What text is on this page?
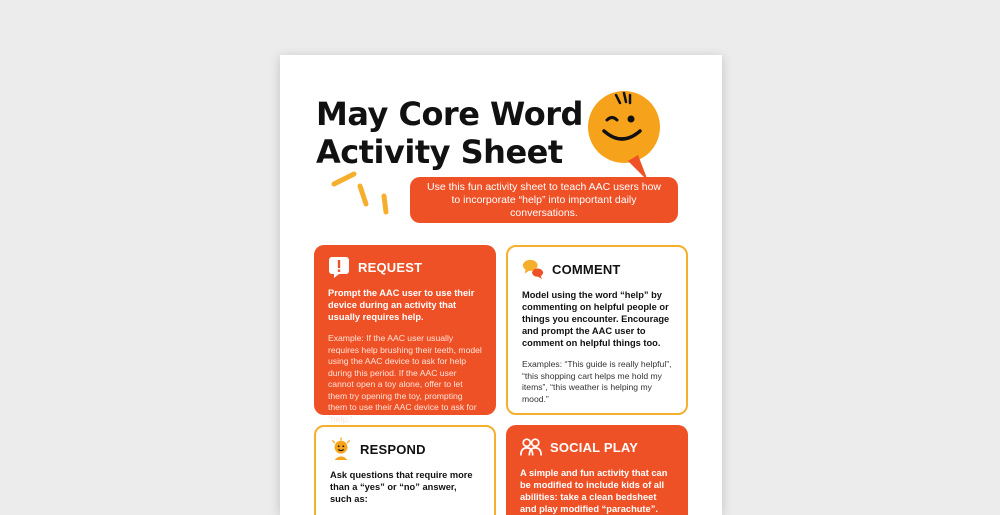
May Core Word
Activity Sheet
Use this fun activity sheet to teach AAC users how to incorporate “help” into important daily conversations.
REQUEST

Prompt the AAC user to use their device during an activity that usually requires help.

Example: If the AAC user usually requires help brushing their teeth, model using the AAC device to ask for help during this period. If the AAC user cannot open a toy alone, offer to let them try opening the toy, prompting them to use their AAC device to ask for “help.”

COMMENT

Model using the word “help” by commenting on helpful people or things you encounter. Encourage and prompt the AAC user to comment on helpful things too.

Examples: “This guide is really helpful”, “this shopping cart helps me hold my items”, “this weather is helping my mood.”

RESPOND

Ask questions that require more than a “yes” or “no” answer, such as:

SOCIAL PLAY

A simple and fun activity that can be modified to include kids of all abilities: take a clean bedsheet and play modified “parachute”.
